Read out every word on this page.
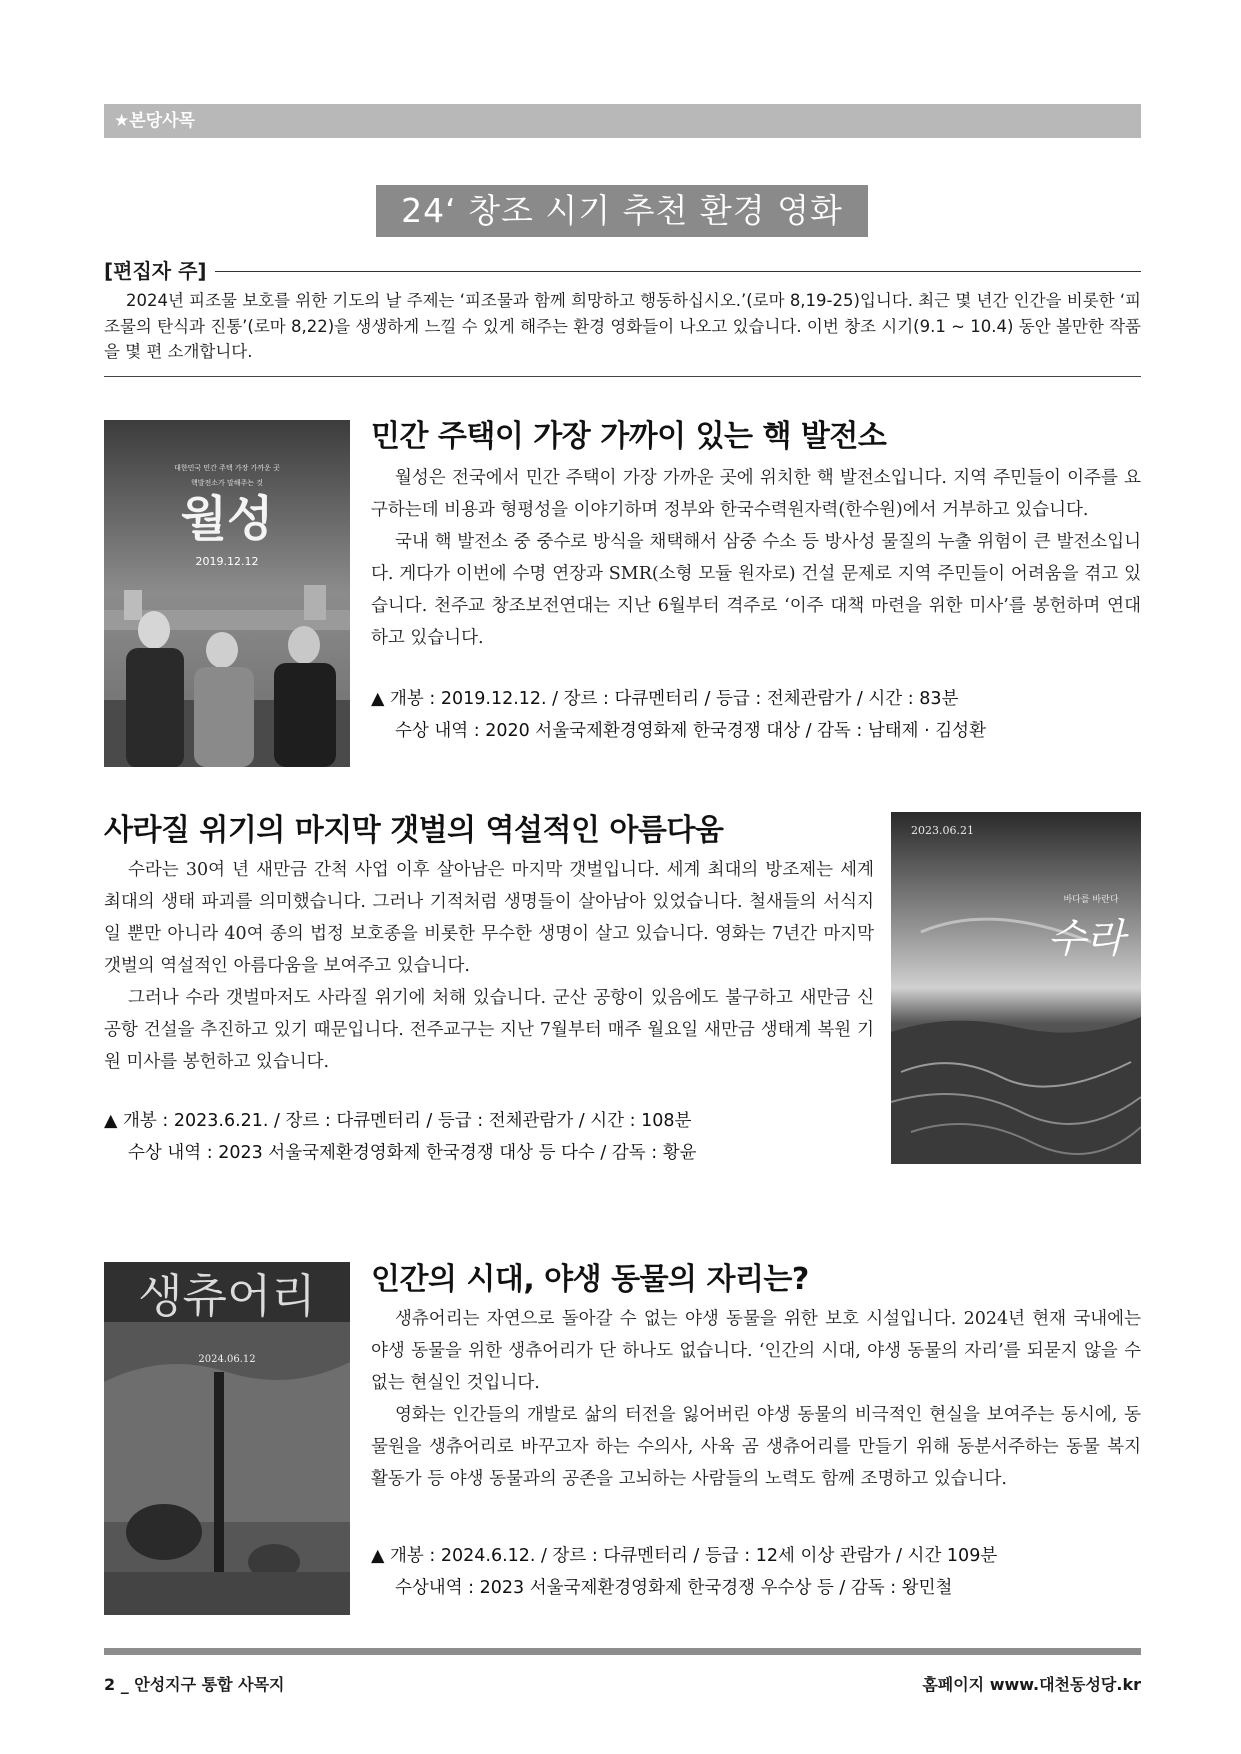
★본당사목
24‘ 창조 시기 추천 환경 영화
[편집자 주]

2024년 피조물 보호를 위한 기도의 날 주제는 ‘피조물과 함께 희망하고 행동하십시오.’(로마 8,19-25)입니다. 최근 몇 년간 인간을 비롯한 ‘피조물의 탄식과 진통’(로마 8,22)을 생생하게 느낄 수 있게 해주는 환경 영화들이 나오고 있습니다. 이번 창조 시기(9.1 ~ 10.4) 동안 볼만한 작품을 몇 편 소개합니다.

대한민국 민간 주택 가장 가까운 곳
핵발전소가 말해주는 것
월성
2019.12.12
민간 주택이 가장 가까이 있는 핵 발전소

월성은 전국에서 민간 주택이 가장 가까운 곳에 위치한 핵 발전소입니다. 지역 주민들이 이주를 요구하는데 비용과 형평성을 이야기하며 정부와 한국수력원자력(한수원)에서 거부하고 있습니다.

국내 핵 발전소 중 중수로 방식을 채택해서 삼중 수소 등 방사성 물질의 누출 위험이 큰 발전소입니다. 게다가 이번에 수명 연장과 SMR(소형 모듈 원자로) 건설 문제로 지역 주민들이 어려움을 겪고 있습니다. 천주교 창조보전연대는 지난 6월부터 격주로 ‘이주 대책 마련을 위한 미사’를 봉헌하며 연대하고 있습니다.

▲ 개봉 : 2019.12.12. / 장르 : 다큐멘터리 / 등급 : 전체관람가 / 시간 : 83분
수상 내역 : 2020 서울국제환경영화제 한국경쟁 대상 / 감독 : 남태제 · 김성환
사라질 위기의 마지막 갯벌의 역설적인 아름다움

수라는 30여 년 새만금 간척 사업 이후 살아남은 마지막 갯벌입니다. 세계 최대의 방조제는 세계 최대의 생태 파괴를 의미했습니다. 그러나 기적처럼 생명들이 살아남아 있었습니다. 철새들의 서식지일 뿐만 아니라 40여 종의 법정 보호종을 비롯한 무수한 생명이 살고 있습니다. 영화는 7년간 마지막 갯벌의 역설적인 아름다움을 보여주고 있습니다.

그러나 수라 갯벌마저도 사라질 위기에 처해 있습니다. 군산 공항이 있음에도 불구하고 새만금 신공항 건설을 추진하고 있기 때문입니다. 전주교구는 지난 7월부터 매주 월요일 새만금 생태계 복원 기원 미사를 봉헌하고 있습니다.

▲ 개봉 : 2023.6.21. / 장르 : 다큐멘터리 / 등급 : 전체관람가 / 시간 : 108분
수상 내역 : 2023 서울국제환경영화제 한국경쟁 대상 등 다수 / 감독 : 황윤
2023.06.21
바다를 바란다
수라
생츄어리
2024.06.12
인간의 시대, 야생 동물의 자리는?

생츄어리는 자연으로 돌아갈 수 없는 야생 동물을 위한 보호 시설입니다. 2024년 현재 국내에는 야생 동물을 위한 생츄어리가 단 하나도 없습니다. ‘인간의 시대, 야생 동물의 자리’를 되묻지 않을 수 없는 현실인 것입니다.

영화는 인간들의 개발로 삶의 터전을 잃어버린 야생 동물의 비극적인 현실을 보여주는 동시에, 동물원을 생츄어리로 바꾸고자 하는 수의사, 사육 곰 생츄어리를 만들기 위해 동분서주하는 동물 복지 활동가 등 야생 동물과의 공존을 고뇌하는 사람들의 노력도 함께 조명하고 있습니다.

▲ 개봉 : 2024.6.12. / 장르 : 다큐멘터리 / 등급 : 12세 이상 관람가 / 시간 109분
수상내역 : 2023 서울국제환경영화제 한국경쟁 우수상 등 / 감독 : 왕민철
2 _ 안성지구 통합 사목지	홈페이지 www.대천동성당.kr
